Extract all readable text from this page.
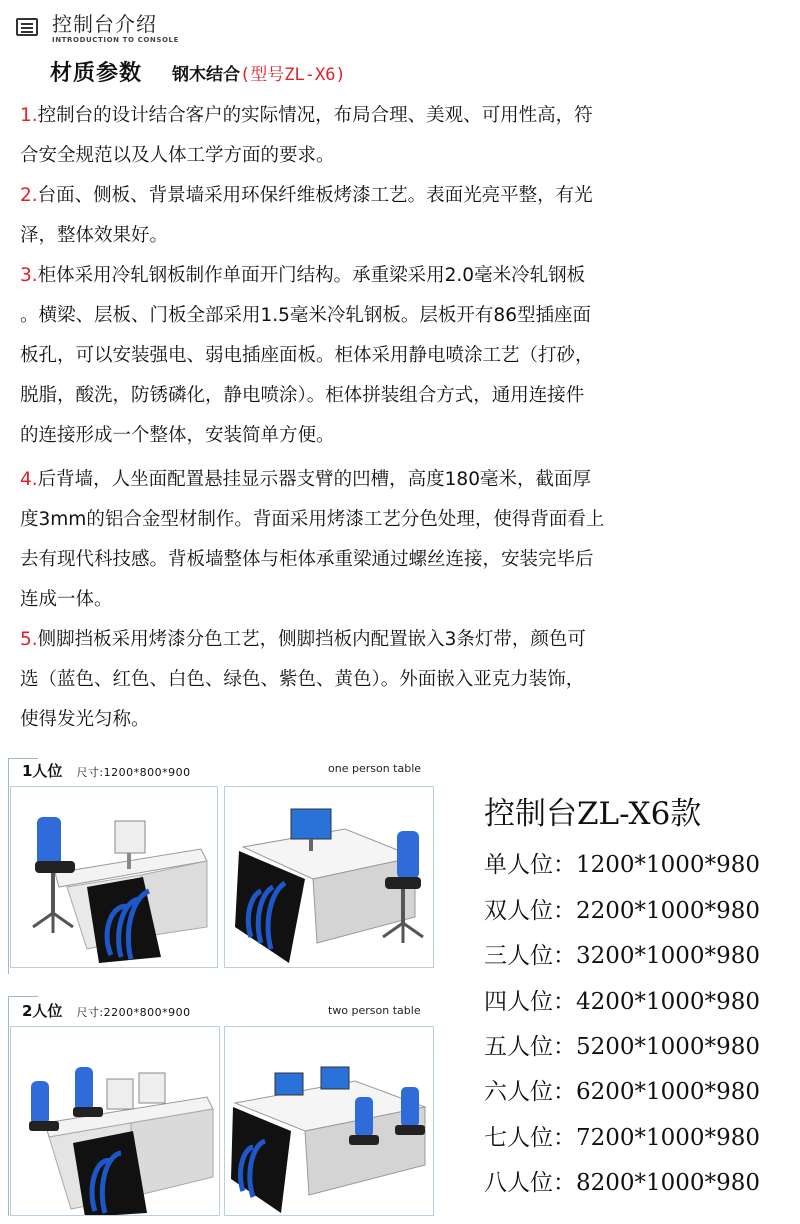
控制台介绍
INTRODUCTION TO CONSOLE
材质参数 钢木结合(型号ZL-X6)
1.控制台的设计结合客户的实际情况，布局合理、美观、可用性高，符
合安全规范以及人体工学方面的要求。
2.台面、侧板、背景墙采用环保纤维板烤漆工艺。表面光亮平整，有光
泽，整体效果好。
3.柜体采用冷轧钢板制作单面开门结构。承重梁采用2.0毫米冷轧钢板
。横梁、层板、门板全部采用1.5毫米冷轧钢板。层板开有86型插座面
板孔，可以安装强电、弱电插座面板。柜体采用静电喷涂工艺（打砂，
脱脂，酸洗，防锈磷化，静电喷涂）。柜体拼装组合方式，通用连接件
的连接形成一个整体，安装简单方便。
4.后背墙，人坐面配置悬挂显示器支臂的凹槽，高度180毫米，截面厚
度3mm的铝合金型材制作。背面采用烤漆工艺分色处理，使得背面看上
去有现代科技感。背板墙整体与柜体承重梁通过螺丝连接，安装完毕后
连成一体。
5.侧脚挡板采用烤漆分色工艺，侧脚挡板内配置嵌入3条灯带，颜色可
选（蓝色、红色、白色、绿色、紫色、黄色）。外面嵌入亚克力装饰，
使得发光匀称。
1人位 尺寸:1200*800*900	one person table
2人位 尺寸:2200*800*900	two person table
控制台ZL-X6款
单人位：1200*1000*980
双人位：2200*1000*980
三人位：3200*1000*980
四人位：4200*1000*980
五人位：5200*1000*980
六人位：6200*1000*980
七人位：7200*1000*980
八人位：8200*1000*980
